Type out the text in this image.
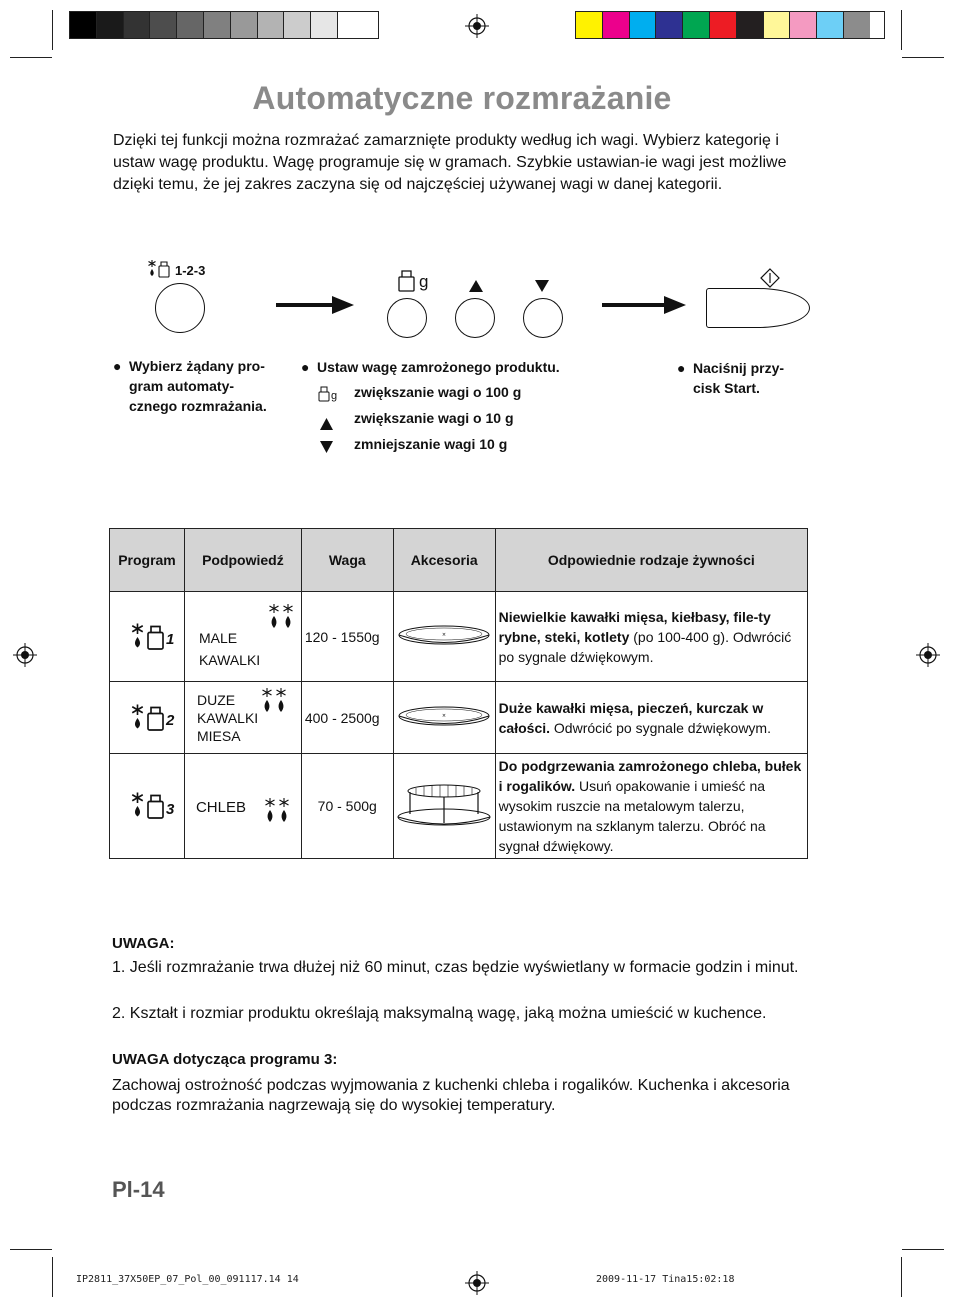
Automatyczne rozmrażanie

Dzięki tej funkcji można rozmrażać zamarznięte produkty według ich wagi. Wybierz kategorię i ustaw wagę produktu. Wagę programuje się w gramach. Szybkie ustawian-ie wagi jest możliwe dzięki temu, że jej zakres zaczyna się od najczęściej używanej wagi w danej kategorii.

1-2-3
g
● Wybierz żądany pro-
gram automaty-
cznego rozmrażania.
● Ustaw wagę zamrożonego produktu.
g zwiększanie wagi o 100 g
zwiększanie wagi o 10 g
zmniejszanie wagi 10 g
● Naciśnij przy-
cisk Start.
Program	Podpowiedź	Waga	Akcesoria	Odpowiednie rodzaje żywności

1	MALE
KAWALKI	120 - 1550g	×	Niewielkie kawałki mięsa, kiełbasy, file-ty rybne, steki, kotlety (po 100-400 g). Odwrócić po sygnale dźwiękowym.

2	DUZE
KAWALKI
MIESA	400 - 2500g	×	Duże kawałki mięsa, pieczeń, kurczak w całości. Odwrócić po sygnale dźwiękowym.

3	CHLEB	70 - 500g		Do podgrzewania zamrożonego chleba, bułek i rogalików. Usuń opakowanie i umieść na wysokim ruszcie na metalowym talerzu, ustawionym na szklanym talerzu. Obróć na sygnał dźwiękowy.

UWAGA:

1. Jeśli rozmrażanie trwa dłużej niż 60 minut, czas będzie wyświetlany w formacie godzin i minut.

2. Kształt i rozmiar produktu określają maksymalną wagę, jaką można umieścić w kuchence.

UWAGA dotycząca programu 3:

Zachowaj ostrożność podczas wyjmowania z kuchenki chleba i rogalików. Kuchenka i akcesoria podczas rozmrażania nagrzewają się do wysokiej temperatury.

Pl-14
IP2811_37X50EP_07_Pol_00_091117.14 14	2009-11-17 Tina15:02:18
